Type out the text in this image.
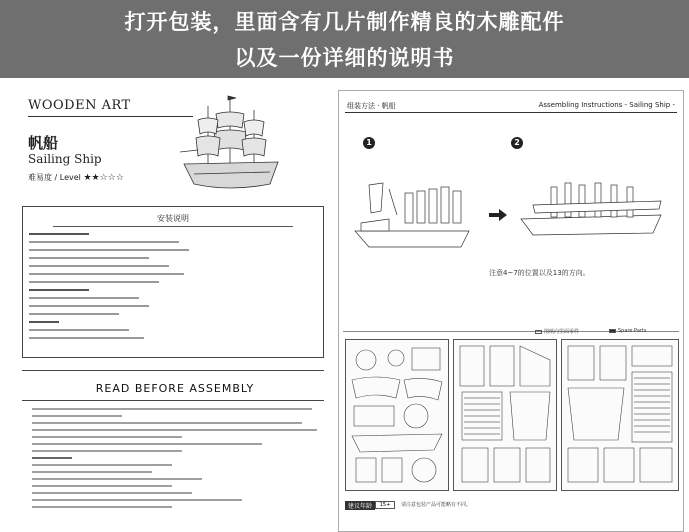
打开包装，里面含有几片制作精良的木雕配件
以及一份详细的说明书
WOODEN ART
帆船
Sailing Ship
难易度 / Level ★★☆☆☆
安装说明
READ BEFORE ASSEMBLY
组装方法 · 帆船	Assembling Instructions - Sailing Ship -
1	2
注意4~7的位置以及13的方向。
图纸向里面零件	Spare Parts
建议年龄	15+	请注意包装产品可能略有不同。
